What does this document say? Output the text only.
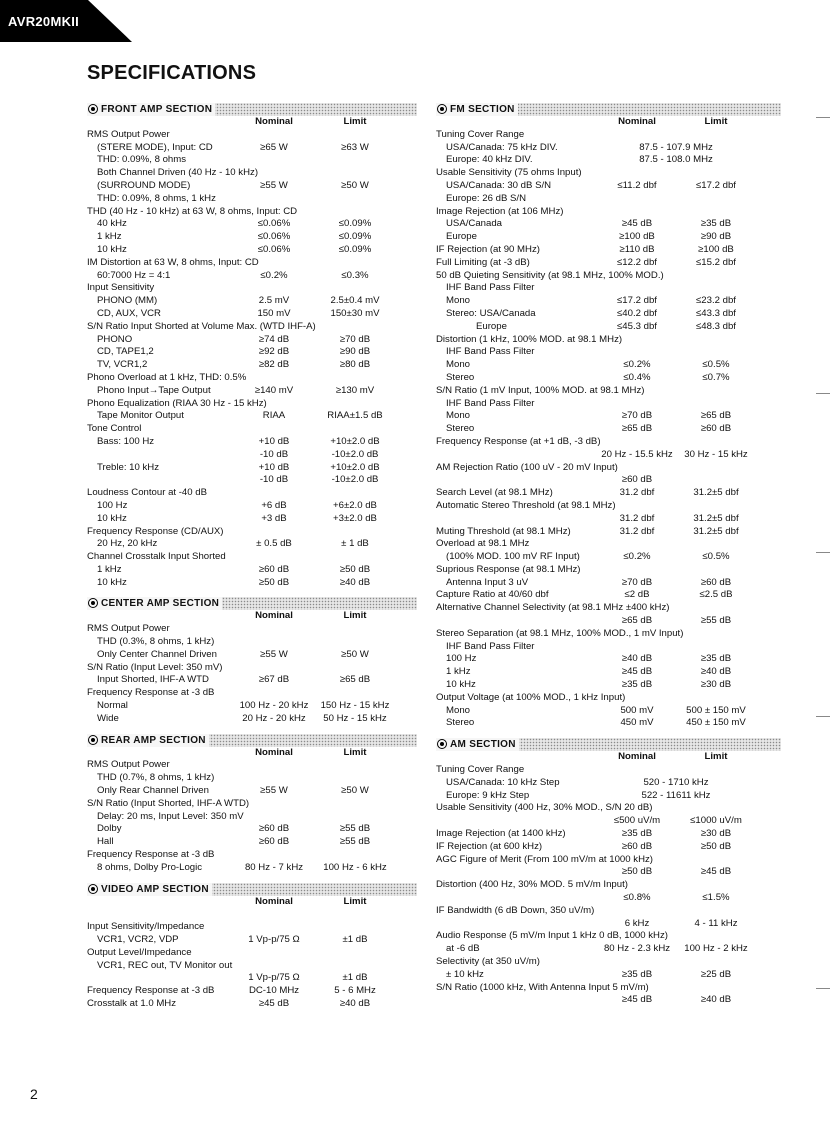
AVR20MKII
SPECIFICATIONS
FRONT AMP SECTION
Nominal	Limit
RMS Output Power
(STERE MODE), Input: CD	≥65 W	≥63 W
THD: 0.09%, 8 ohms
Both Channel Driven (40 Hz - 10 kHz)
(SURROUND MODE)	≥55 W	≥50 W
THD: 0.09%, 8 ohms, 1 kHz
THD (40 Hz - 10 kHz) at 63 W, 8 ohms, Input: CD
40 kHz	≤0.06%	≤0.09%
1 kHz	≤0.06%	≤0.09%
10 kHz	≤0.06%	≤0.09%
IM Distortion at 63 W, 8 ohms, Input: CD
60:7000 Hz = 4:1	≤0.2%	≤0.3%
Input Sensitivity
PHONO (MM)	2.5 mV	2.5±0.4 mV
CD, AUX, VCR	150 mV	150±30 mV
S/N Ratio Input Shorted at Volume Max. (WTD IHF-A)
PHONO	≥74 dB	≥70 dB
CD, TAPE1,2	≥92 dB	≥90 dB
TV, VCR1,2	≥82 dB	≥80 dB
Phono Overload at 1 kHz, THD: 0.5%
Phono Input→Tape Output	≥140 mV	≥130 mV
Phono Equalization (RIAA 30 Hz - 15 kHz)
Tape Monitor Output	RIAA	RIAA±1.5 dB
Tone Control
Bass: 100 Hz	+10 dB	+10±2.0 dB
-10 dB	-10±2.0 dB
Treble: 10 kHz	+10 dB	+10±2.0 dB
-10 dB	-10±2.0 dB
Loudness Contour at -40 dB
100 Hz	+6 dB	+6±2.0 dB
10 kHz	+3 dB	+3±2.0 dB
Frequency Response (CD/AUX)
20 Hz, 20 kHz	± 0.5 dB	± 1 dB
Channel Crosstalk Input Shorted
1 kHz	≥60 dB	≥50 dB
10 kHz	≥50 dB	≥40 dB
CENTER AMP SECTION
Nominal	Limit
RMS Output Power
THD (0.3%, 8 ohms, 1 kHz)
Only Center Channel Driven	≥55 W	≥50 W
S/N Ratio (Input Level: 350 mV)
Input Shorted, IHF-A WTD	≥67 dB	≥65 dB
Frequency Response at -3 dB
Normal	100 Hz - 20 kHz	150 Hz - 15 kHz
Wide	20 Hz - 20 kHz	50 Hz - 15 kHz
REAR AMP SECTION
Nominal	Limit
RMS Output Power
THD (0.7%, 8 ohms, 1 kHz)
Only Rear Channel Driven	≥55 W	≥50 W
S/N Ratio (Input Shorted, IHF-A WTD)
Delay: 20 ms, Input Level: 350 mV
Dolby	≥60 dB	≥55 dB
Hall	≥60 dB	≥55 dB
Frequency Response at -3 dB
8 ohms, Dolby Pro-Logic	80 Hz - 7 kHz	100 Hz - 6 kHz
VIDEO AMP SECTION
Nominal	Limit
Input Sensitivity/Impedance
VCR1, VCR2, VDP	1 Vp-p/75 Ω	±1 dB
Output Level/Impedance
VCR1, REC out, TV Monitor out
1 Vp-p/75 Ω	±1 dB
Frequency Response at -3 dB	DC-10 MHz	5 - 6 MHz
Crosstalk at 1.0 MHz	≥45 dB	≥40 dB
FM SECTION
Nominal	Limit
Tuning Cover Range
USA/Canada: 75 kHz DIV.	87.5 - 107.9 MHz
Europe: 40 kHz DIV.	87.5 - 108.0 MHz
Usable Sensitivity (75 ohms Input)
USA/Canada: 30 dB S/N	≤11.2 dbf	≤17.2 dbf
Europe: 26 dB S/N
Image Rejection (at 106 MHz)
USA/Canada	≥45 dB	≥35 dB
Europe	≥100 dB	≥90 dB
IF Rejection (at 90 MHz)	≥110 dB	≥100 dB
Full Limiting (at -3 dB)	≤12.2 dbf	≤15.2 dbf
50 dB Quieting Sensitivity (at 98.1 MHz, 100% MOD.)
IHF Band Pass Filter
Mono	≤17.2 dbf	≤23.2 dbf
Stereo: USA/Canada	≤40.2 dbf	≤43.3 dbf
Europe	≤45.3 dbf	≤48.3 dbf
Distortion (1 kHz, 100% MOD. at 98.1 MHz)
IHF Band Pass Filter
Mono	≤0.2%	≤0.5%
Stereo	≤0.4%	≤0.7%
S/N Ratio (1 mV Input, 100% MOD. at 98.1 MHz)
IHF Band Pass Filter
Mono	≥70 dB	≥65 dB
Stereo	≥65 dB	≥60 dB
Frequency Response (at +1 dB, -3 dB)
20 Hz - 15.5 kHz	30 Hz - 15 kHz
AM Rejection Ratio (100 uV - 20 mV Input)
≥60 dB
Search Level (at 98.1 MHz)	31.2 dbf	31.2±5 dbf
Automatic Stereo Threshold (at 98.1 MHz)
31.2 dbf	31.2±5 dbf
Muting Threshold (at 98.1 MHz)	31.2 dbf	31.2±5 dbf
Overload at 98.1 MHz
(100% MOD. 100 mV RF Input)	≤0.2%	≤0.5%
Suprious Response (at 98.1 MHz)
Antenna Input 3 uV	≥70 dB	≥60 dB
Capture Ratio at 40/60 dbf	≤2 dB	≤2.5 dB
Alternative Channel Selectivity (at 98.1 MHz ±400 kHz)
≥65 dB	≥55 dB
Stereo Separation (at 98.1 MHz, 100% MOD., 1 mV Input)
IHF Band Pass Filter
100 Hz	≥40 dB	≥35 dB
1 kHz	≥45 dB	≥40 dB
10 kHz	≥35 dB	≥30 dB
Output Voltage (at 100% MOD., 1 kHz Input)
Mono	500 mV	500 ± 150 mV
Stereo	450 mV	450 ± 150 mV
AM SECTION
Nominal	Limit
Tuning Cover Range
USA/Canada: 10 kHz Step	520 - 1710 kHz
Europe: 9 kHz Step	522 - 11611 kHz
Usable Sensitivity (400 Hz, 30% MOD., S/N 20 dB)
≤500 uV/m	≤1000 uV/m
Image Rejection (at 1400 kHz)	≥35 dB	≥30 dB
IF Rejection (at 600 kHz)	≥60 dB	≥50 dB
AGC Figure of Merit (From 100 mV/m at 1000 kHz)
≥50 dB	≥45 dB
Distortion (400 Hz, 30% MOD. 5 mV/m Input)
≤0.8%	≤1.5%
IF Bandwidth (6 dB Down, 350 uV/m)
6 kHz	4 - 11 kHz
Audio Response (5 mV/m Input 1 kHz 0 dB, 1000 kHz)
at -6 dB	80 Hz - 2.3 kHz	100 Hz - 2 kHz
Selectivity (at 350 uV/m)
± 10 kHz	≥35 dB	≥25 dB
S/N Ratio (1000 kHz, With Antenna Input 5 mV/m)
≥45 dB	≥40 dB
2
